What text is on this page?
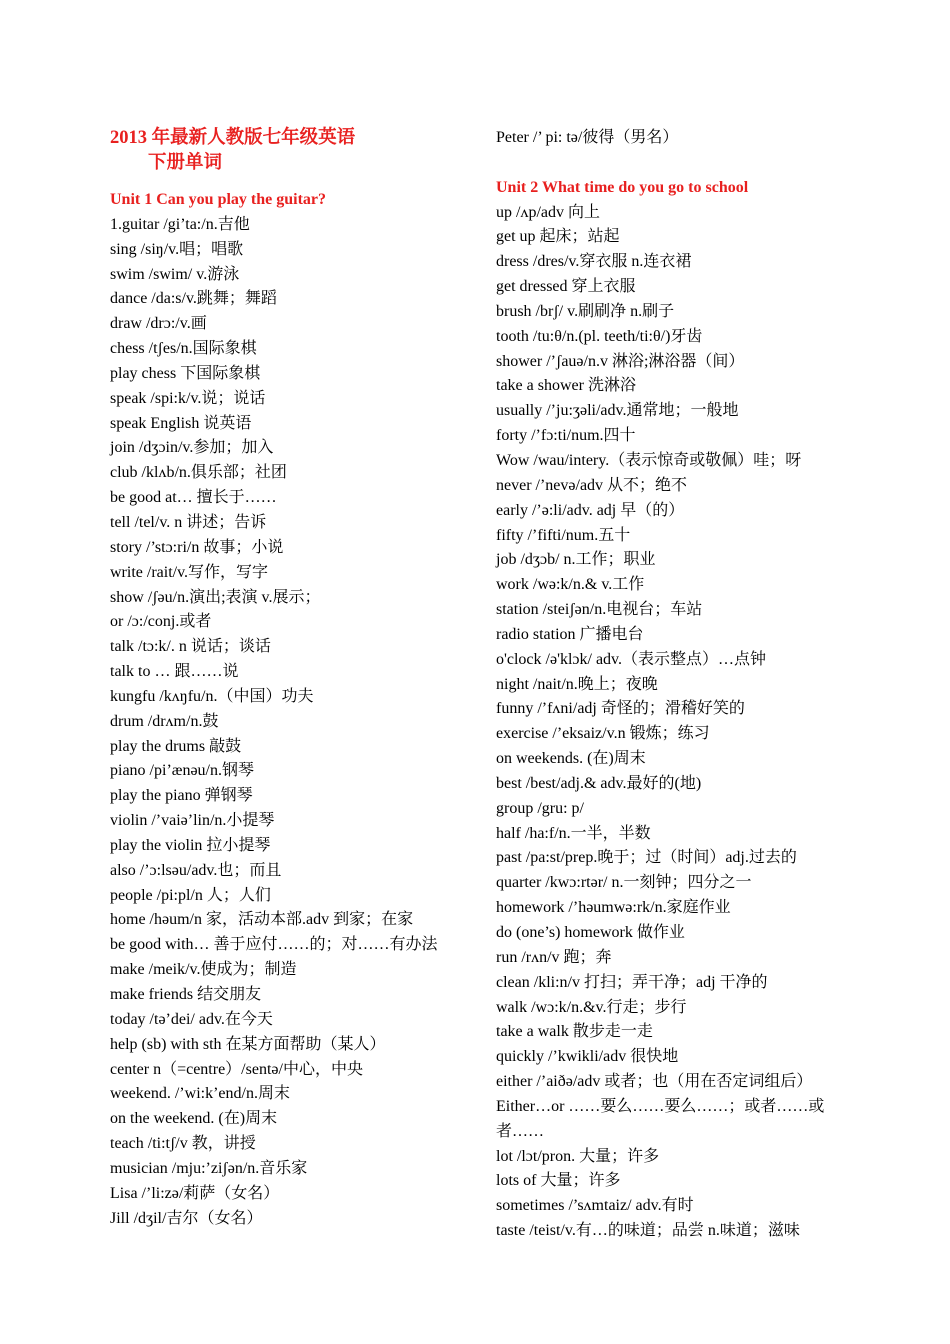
2013 年最新人教版七年级英语
下册单词
Unit 1 Can you play the guitar?
1.guitar /gi’ta:/n.吉他
sing /siŋ/v.唱；唱歌
swim /swim/ v.游泳
dance /da:s/v.跳舞；舞蹈
draw /drɔ:/v.画
chess /tʃes/n.国际象棋
play chess 下国际象棋
speak /spi:k/v.说；说话
speak English 说英语
join /dʒɔin/v.参加；加入
club /klʌb/n.俱乐部；社团
be good at… 擅长于……
tell /tel/v. n 讲述；告诉
story /’stɔ:ri/n 故事；小说
write /rait/v.写作，写字
show /ʃəu/n.演出;表演 v.展示；
or /ɔ:/conj.或者
talk /tɔ:k/. n 说话；谈话
talk to … 跟……说
kungfu /kʌŋfu/n.（中国）功夫
drum /drʌm/n.鼓
play the drums 敲鼓
piano /pi’ænəu/n.钢琴
play the piano 弹钢琴
violin /’vaiə’lin/n.小提琴
play the violin 拉小提琴
also /’ɔ:lsəu/adv.也；而且
people /pi:pl/n 人；人们
home /həum/n 家，活动本部.adv 到家；在家
be good with… 善于应付……的；对……有办法
make /meik/v.使成为；制造
make friends 结交朋友
today /tə’dei/ adv.在今天
help (sb) with sth 在某方面帮助（某人）
center n（=centre）/sentə/中心，中央
weekend. /’wi:k’end/n.周末
on the weekend. (在)周末
teach /ti:tʃ/v 教，讲授
musician /mju:’ziʃən/n.音乐家
Lisa /’li:zə/莉萨（女名）
Jill /dʒil/吉尔（女名）
Peter /’ pi: tə/彼得（男名）
Unit 2 What time do you go to school
up /ʌp/adv 向上
get up 起床；站起
dress /dres/v.穿衣服 n.连衣裙
get dressed 穿上衣服
brush /brʃ/ v.刷刷净 n.刷子
tooth /tu:θ/n.(pl. teeth/ti:θ/)牙齿
shower /’ʃauə/n.v 淋浴;淋浴器（间）
take a shower 洗淋浴
usually /’ju:ʒəli/adv.通常地；一般地
forty /’fɔ:ti/num.四十
Wow /wau/intery.（表示惊奇或敬佩）哇；呀
never /’nevə/adv 从不；绝不
early /’ə:li/adv. adj 早（的）
fifty /’fifti/num.五十
job /dʒɔb/ n.工作；职业
work /wə:k/n.& v.工作
station /steiʃən/n.电视台；车站
radio station 广播电台
o'clock /ə'klɔk/ adv.（表示整点）…点钟
night /nait/n.晚上；夜晚
funny /’fʌni/adj 奇怪的；滑稽好笑的
exercise /’eksaiz/v.n 锻炼；练习
on weekends. (在)周末
best /best/adj.& adv.最好的(地)
group /gru: p/
half /ha:f/n.一半，半数
past /pa:st/prep.晚于；过（时间）adj.过去的
quarter /kwɔ:rtər/ n.一刻钟；四分之一
homework /’həumwə:rk/n.家庭作业
do (one’s) homework 做作业
run /rʌn/v 跑；奔
clean /kli:n/v 打扫；弄干净；adj 干净的
walk /wɔ:k/n.&v.行走；步行
take a walk 散步走一走
quickly /’kwikli/adv 很快地
either /’aiðə/adv 或者；也（用在否定词组后）
Either…or ……要么……要么……；或者……或者……
lot /lɔt/pron. 大量；许多
lots of 大量；许多
sometimes /’sʌmtaiz/ adv.有时
taste /teist/v.有…的味道；品尝 n.味道；滋味
